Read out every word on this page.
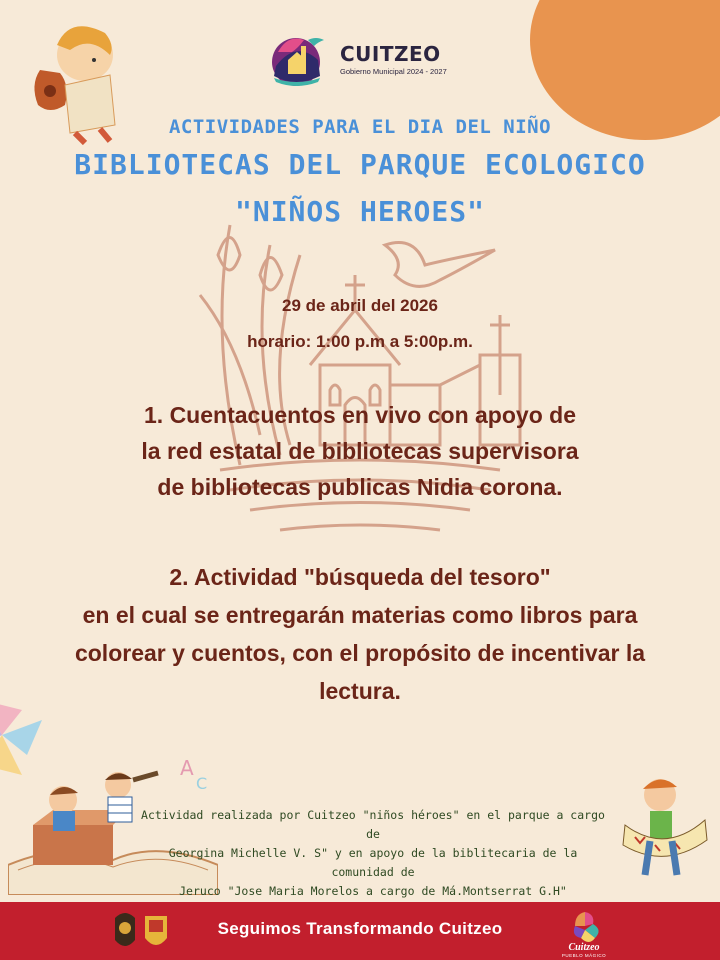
CUITZEO
Gobierno Municipal 2024 - 2027
ACTIVIDADES PARA EL DIA DEL NIÑO
BIBLIOTECAS DEL PARQUE ECOLOGICO
"NIÑOS HEROES"
29 de abril del 2026
horario: 1:00 p.m a 5:00p.m.
1. Cuentacuentos en vivo con apoyo de
la red estatal de bibliotecas supervisora
de bibliotecas publicas Nidia corona.
2. Actividad "búsqueda del tesoro"
en el cual se entregarán materias como libros para
colorear y cuentos, con el propósito de incentivar la
lectura.
A
C
Actividad realizada por Cuitzeo "niños héroes" en el parque a cargo de
Georgina Michelle V. S" y en apoyo de la biblitecaria de la comunidad de
Jeruco "Jose Maria Morelos a cargo de Má.Montserrat G.H"
Seguimos Transformando Cuitzeo
Cuitzeo
PUEBLO MÁGICO
